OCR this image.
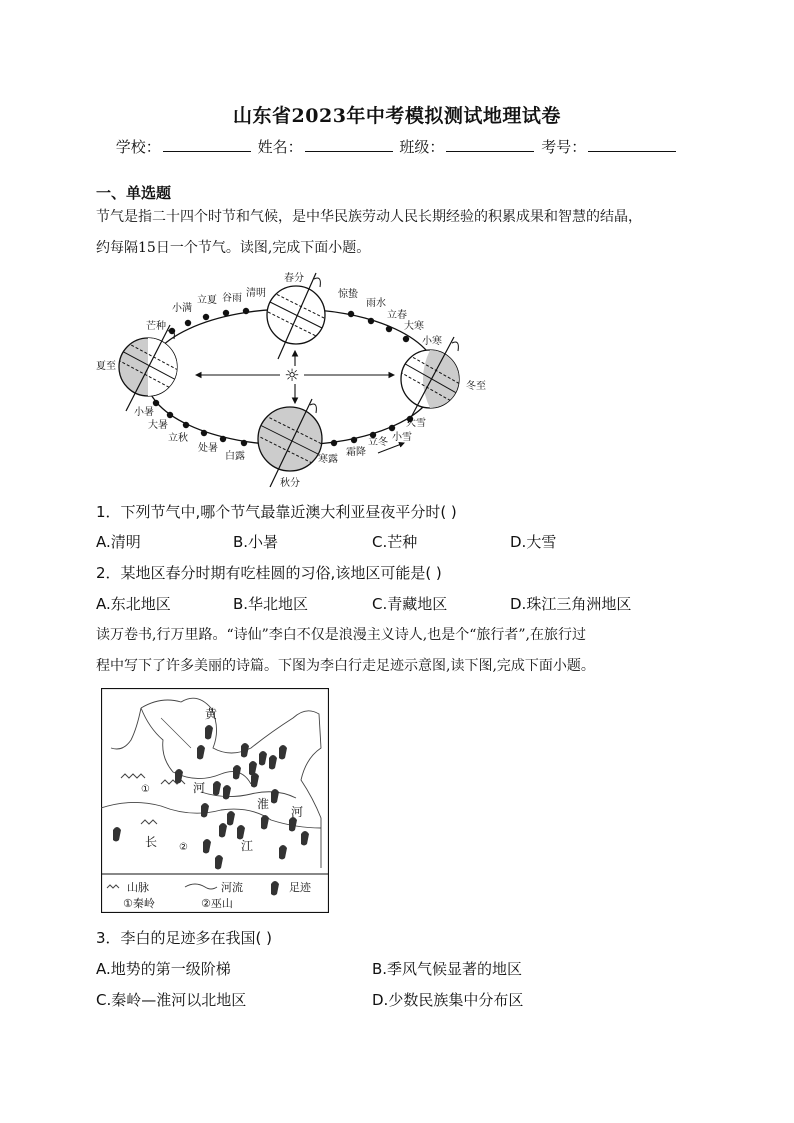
山东省2023年中考模拟测试地理试卷
学校：	姓名：	班级：	考号：
一、单选题
节气是指二十四个时节和气候，是中华民族劳动人民长期经验的积累成果和智慧的结晶，
约每隔15日一个节气。读图,完成下面小题。
☼
春分
夏至
秋分
冬至
清明
谷雨
立夏
小满
芒种
小暑
大暑
立秋
处暑
白露	寒露
霜降
立冬 小雪
大雪
小寒
大寒
立春
雨水
惊蛰
1．下列节气中,哪个节气最靠近澳大利亚昼夜平分时( )
A.清明	B.小暑	C.芒种	D.大雪
2．某地区春分时期有吃桂圆的习俗,该地区可能是( )
A.东北地区	B.华北地区	C.青藏地区	D.珠江三角洲地区
读万卷书,行万里路。“诗仙”李白不仅是浪漫主义诗人,也是个“旅行者”,在旅行过
程中写下了许多美丽的诗篇。下图为李白行走足迹示意图,读下图,完成下面小题。
黄
河
淮
河
长	江
①
②
山脉	河流	足迹
①秦岭	②巫山
3．李白的足迹多在我国( )
A.地势的第一级阶梯	B.季风气候显著的地区
C.秦岭—淮河以北地区	D.少数民族集中分布区
